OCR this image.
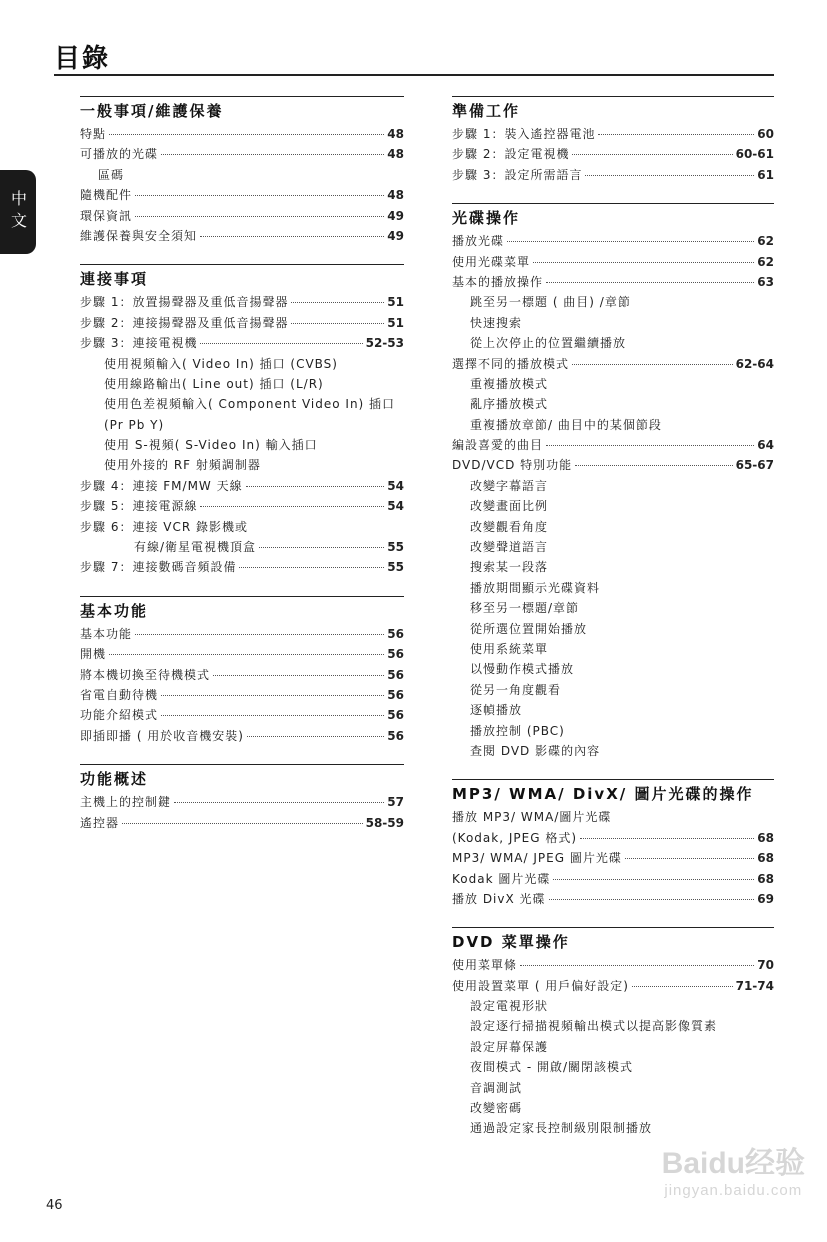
目錄
中文
一般事項/維護保養
特點	48
可播放的光碟	48
區碼
隨機配件	48
環保資訊	49
維護保養與安全須知	49
連接事項
步驟 1：放置揚聲器及重低音揚聲器	51
步驟 2：連接揚聲器及重低音揚聲器	51
步驟 3：連接電視機	52-53
使用視頻輸入( Video In) 插口 (CVBS)
使用線路輸出( Line out) 插口 (L/R)
使用色差視頻輸入( Component Video In) 插口
(Pr Pb Y)
使用 S-視頻( S-Video In) 輸入插口
使用外接的 RF 射頻調制器
步驟 4：連接 FM/MW 天線	54
步驟 5：連接電源線	54
步驟 6：連接 VCR 錄影機或
有線/衛星電視機頂盒	55
步驟 7：連接數碼音頻設備	55
基本功能
基本功能	56
開機	56
將本機切換至待機模式	56
省電自動待機	56
功能介紹模式	56
即插即播 ( 用於收音機安裝)	56
功能概述
主機上的控制鍵	57
遙控器	58-59
準備工作
步驟 1：裝入遙控器電池	60
步驟 2：設定電視機	60-61
步驟 3：設定所需語言	61
光碟操作
播放光碟	62
使用光碟菜單	62
基本的播放操作	63
跳至另一標題 ( 曲目) /章節
快速搜索
從上次停止的位置繼續播放
選擇不同的播放模式	62-64
重複播放模式
亂序播放模式
重複播放章節/ 曲目中的某個節段
編設喜愛的曲目	64
DVD/VCD 特別功能	65-67
改變字幕語言
改變畫面比例
改變觀看角度
改變聲道語言
搜索某一段落
播放期間顯示光碟資料
移至另一標題/章節
從所選位置開始播放
使用系統菜單
以慢動作模式播放
從另一角度觀看
逐幀播放
播放控制 (PBC)
查閱 DVD 影碟的內容
MP3/ WMA/ DivX/ 圖片光碟的操作
播放 MP3/ WMA/圖片光碟
(Kodak, JPEG 格式)	68
MP3/ WMA/ JPEG 圖片光碟	68
Kodak 圖片光碟	68
播放 DivX 光碟	69
DVD 菜單操作
使用菜單條	70
使用設置菜單 ( 用戶偏好設定)	71-74
設定電視形狀
設定逐行掃描視頻輸出模式以提高影像質素
設定屏幕保護
夜間模式 - 開啟/關閉該模式
音調測試
改變密碼
通過設定家長控制級別限制播放
46
Baidu经验
jingyan.baidu.com
